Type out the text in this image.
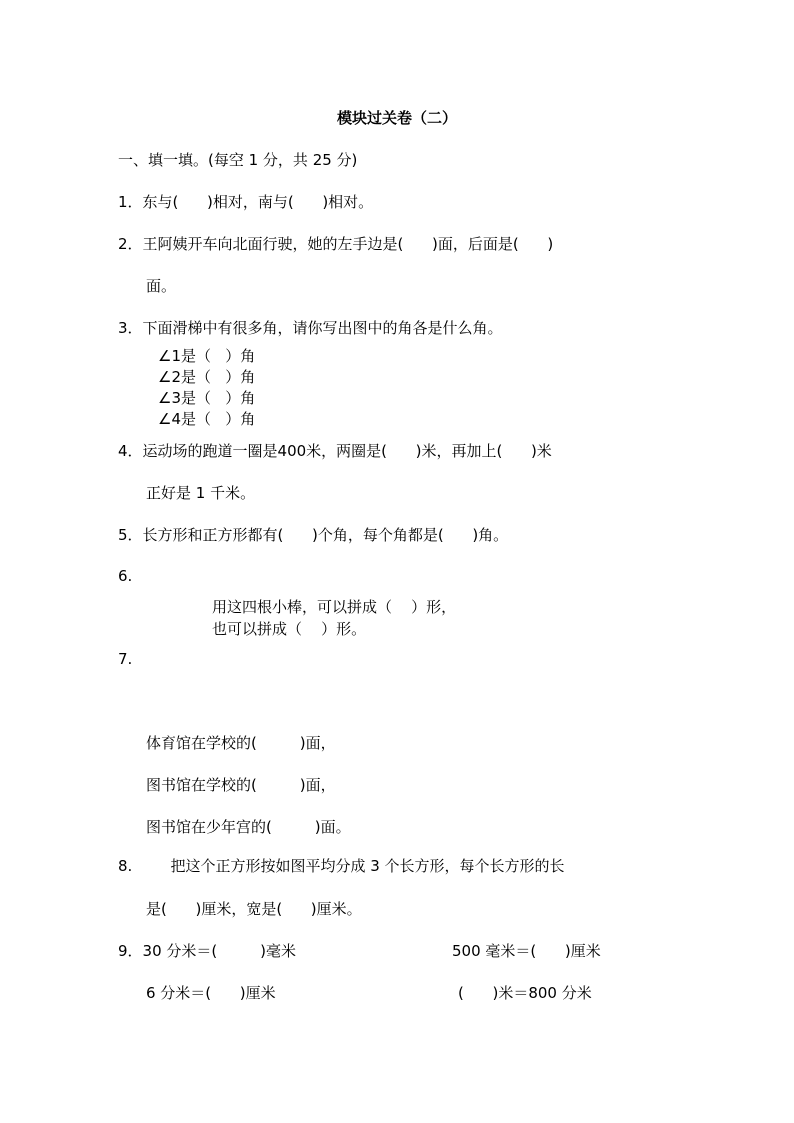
模块过关卷（二）
一、填一填。(每空 1 分，共 25 分)
1．东与(      )相对，南与(      )相对。
2．王阿姨开车向北面行驶，她的左手边是(      )面，后面是(      )
面。
3．下面滑梯中有很多角，请你写出图中的角各是什么角。
∠1是（   ）角
∠2是（   ）角
∠3是（   ）角
∠4是（   ）角
4．运动场的跑道一圈是400米，两圈是(      )米，再加上(      )米
正好是 1 千米。
5．长方形和正方形都有(      )个角，每个角都是(      )角。
6.
用这四根小棒，可以拼成（    ）形，
也可以拼成（    ）形。
7.
体育馆在学校的(         )面，
图书馆在学校的(         )面，
图书馆在少年宫的(         )面。
8.        把这个正方形按如图平均分成 3 个长方形，每个长方形的长
是(      )厘米，宽是(      )厘米。
9．30 分米＝(         )毫米	500 毫米＝(      )厘米
6 分米＝(      )厘米	(      )米＝800 分米
